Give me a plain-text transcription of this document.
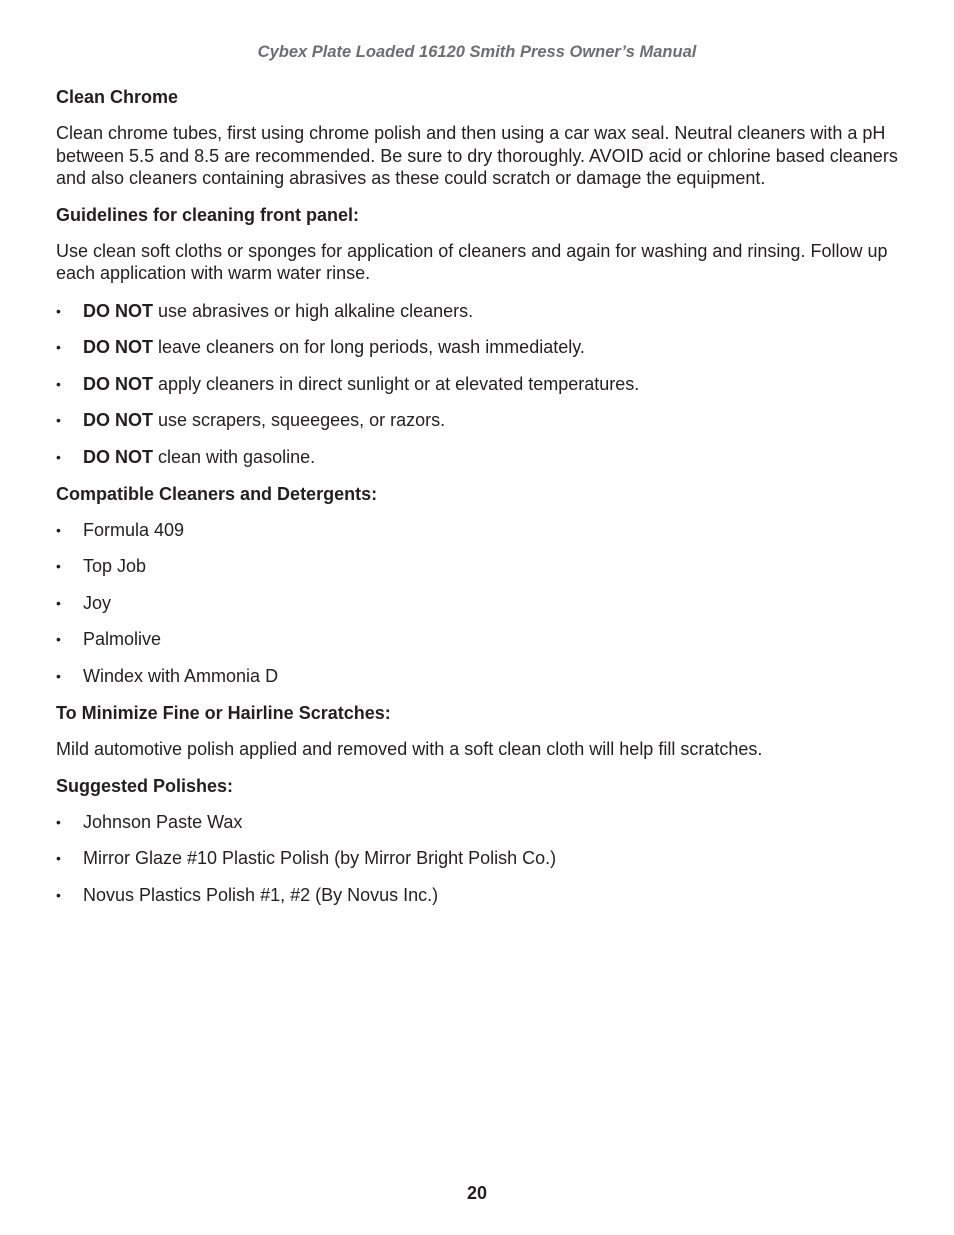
Cybex Plate Loaded 16120 Smith Press Owner’s Manual
Clean Chrome

Clean chrome tubes, first using chrome polish and then using a car wax seal. Neutral cleaners with a pH between 5.5 and 8.5 are recommended. Be sure to dry thoroughly. AVOID acid or chlorine based cleaners and also cleaners containing abrasives as these could scratch or damage the equipment.

Guidelines for cleaning front panel:

Use clean soft cloths or sponges for application of cleaners and again for washing and rinsing. Follow up each application with warm water rinse.

• DO NOT use abrasives or high alkaline cleaners.
• DO NOT leave cleaners on for long periods, wash immediately.
• DO NOT apply cleaners in direct sunlight or at elevated temperatures.
• DO NOT use scrapers, squeegees, or razors.
• DO NOT clean with gasoline.
Compatible Cleaners and Detergents:
• Formula 409
• Top Job
• Joy
• Palmolive
• Windex with Ammonia D
To Minimize Fine or Hairline Scratches:

Mild automotive polish applied and removed with a soft clean cloth will help fill scratches.

Suggested Polishes:
• Johnson Paste Wax
• Mirror Glaze #10 Plastic Polish (by Mirror Bright Polish Co.)
• Novus Plastics Polish #1, #2 (By Novus Inc.)
20
